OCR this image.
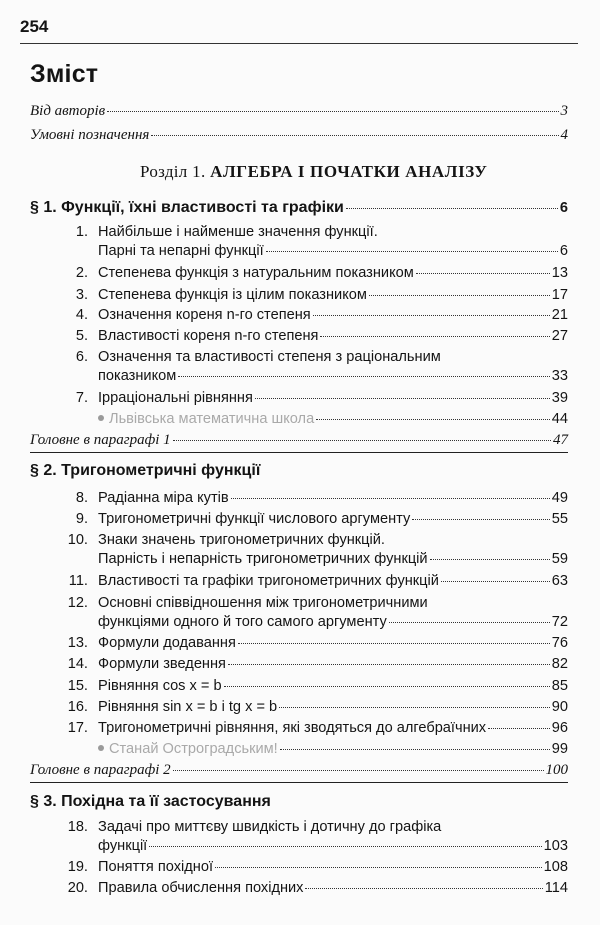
254
Зміст
Від авторів	3
Умовні позначення	4
Розділ 1. АЛГЕБРА І ПОЧАТКИ АНАЛІЗУ
§ 1. Функції, їхні властивості та графіки	6
1. Найбільше і найменше значення функції.
Парні та непарні функції	6
2. Степенева функція з натуральним показником	13
3. Степенева функція із цілим показником	17
4. Означення кореня n-го степеня	21
5. Властивості кореня n-го степеня	27
6. Означення та властивості степеня з раціональним
показником	33
7. Ірраціональні рівняння	39
Львівська математична школа	44
Головне в параграфі 1	47
§ 2. Тригонометричні функції
8. Радіанна міра кутів	49
9. Тригонометричні функції числового аргументу	55
10. Знаки значень тригонометричних функцій.
Парність і непарність тригонометричних функцій	59
11. Властивості та графіки тригонометричних функцій	63
12. Основні співвідношення між тригонометричними
функціями одного й того самого аргументу	72
13. Формули додавання	76
14. Формули зведення	82
15. Рівняння cos x = b	85
16. Рівняння sin x = b і tg x = b	90
17. Тригонометричні рівняння, які зводяться до алгебраїчних	96
Станай Остроградським!	99
Головне в параграфі 2	100
§ 3. Похідна та її застосування
18. Задачі про миттєву швидкість і дотичну до графіка
функції	103
19. Поняття похідної	108
20. Правила обчислення похідних	114
